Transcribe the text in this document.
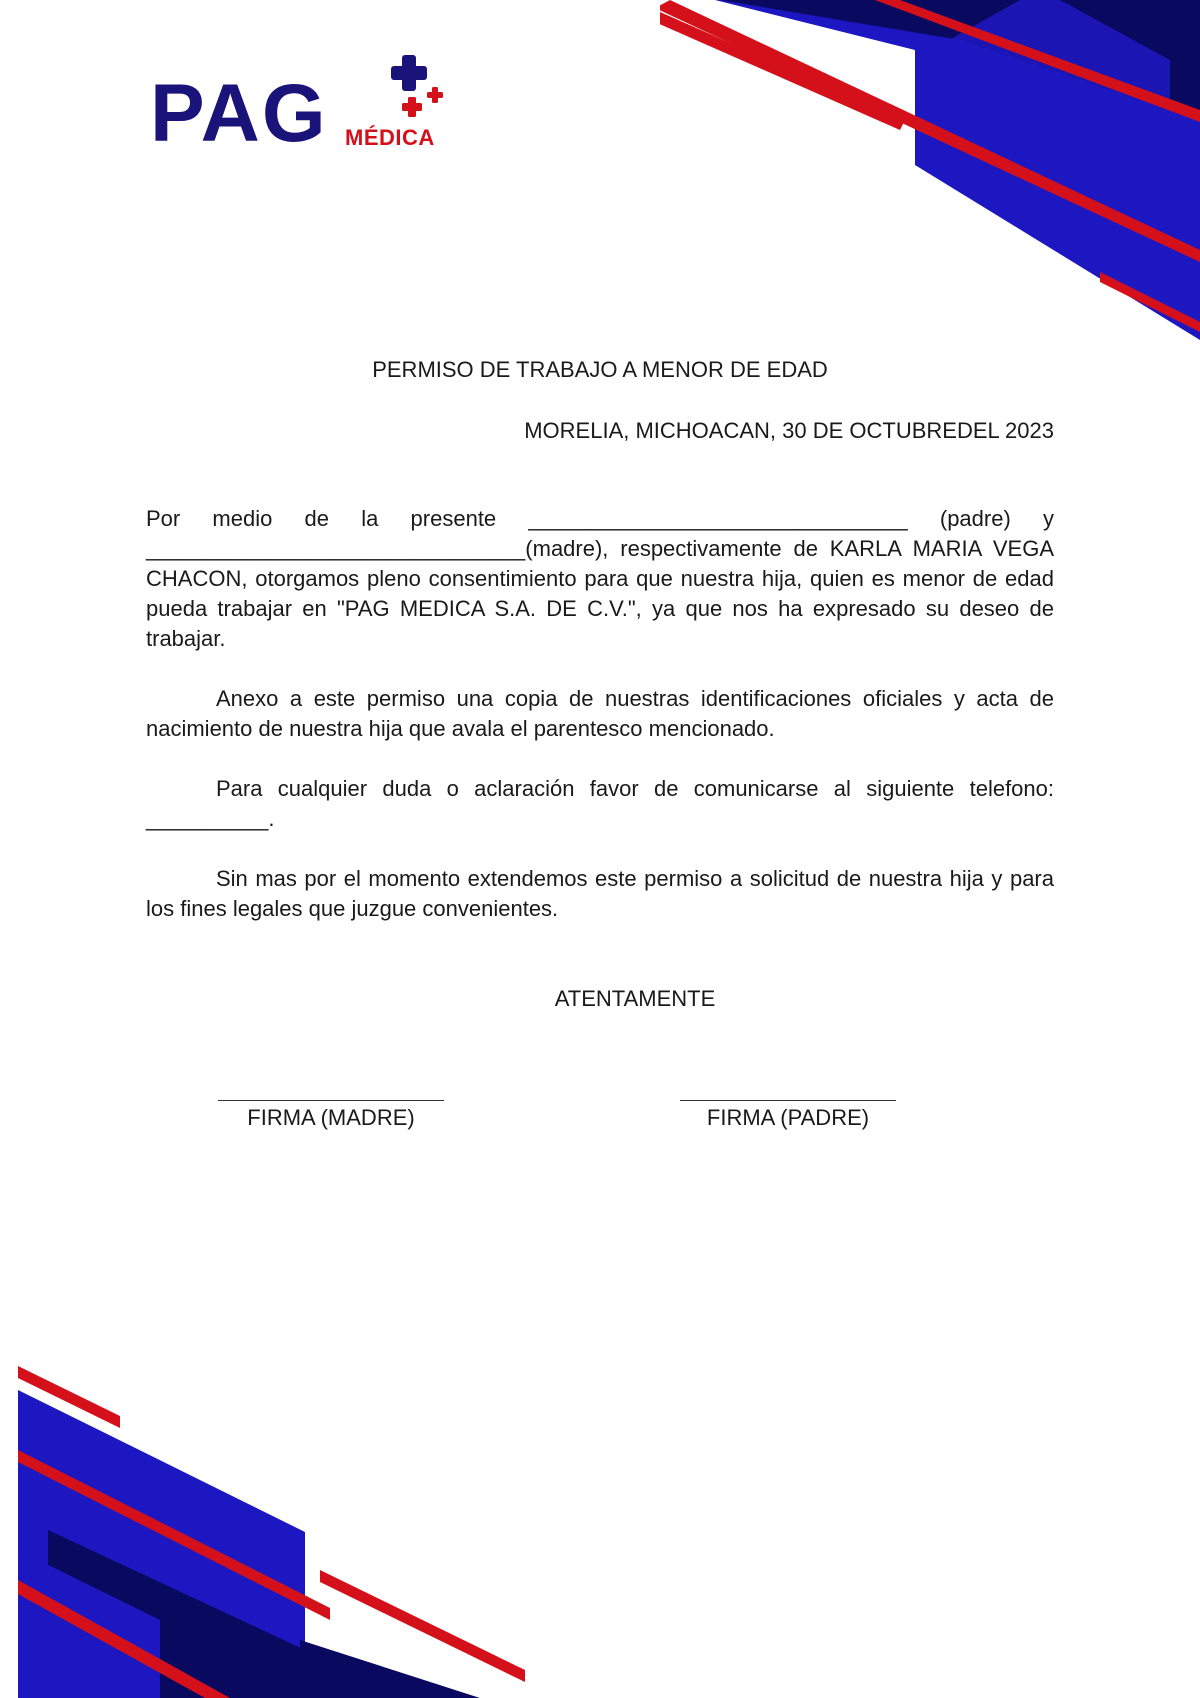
PAG MÉDICA
PERMISO DE TRABAJO A MENOR DE EDAD
MORELIA, MICHOACAN, 30 DE OCTUBREDEL 2023

Por medio de la presente _______________________________ (padre) y _______________________________(madre), respectivamente de KARLA MARIA VEGA CHACON, otorgamos pleno consentimiento para que nuestra hija, quien es menor de edad pueda trabajar en "PAG MEDICA S.A. DE C.V.", ya que nos ha expresado su deseo de trabajar.

Anexo a este permiso una copia de nuestras identificaciones oficiales y acta de nacimiento de nuestra hija que avala el parentesco mencionado.

Para cualquier duda o aclaración favor de comunicarse al siguiente telefono: __________.

Sin mas por el momento extendemos este permiso a solicitud de nuestra hija y para los fines legales que juzgue convenientes.

ATENTAMENTE
FIRMA (MADRE)	FIRMA (PADRE)
